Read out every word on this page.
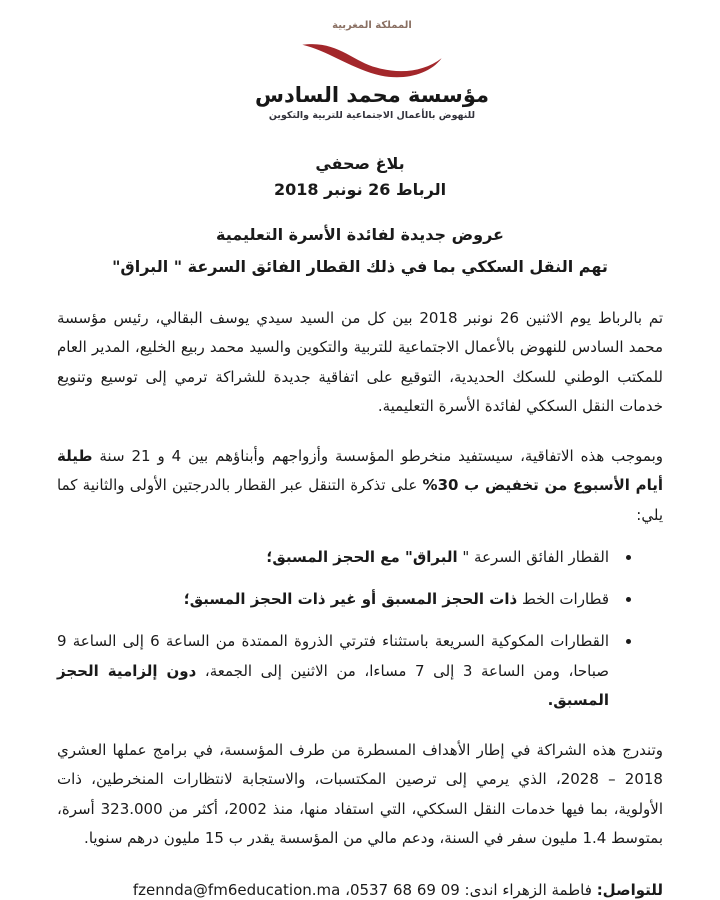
المملكة المغربية
مؤسسة محمد السادس
للنهوض بالأعمال الاجتماعية للتربية والتكوين
بلاغ صحفي
الرباط 26 نونبر 2018
عروض جديدة لفائدة الأسرة التعليمية
تهم النقل السككي بما في ذلك القطار الفائق السرعة " البراق"

تم بالرباط يوم الاثنين 26 نونبر 2018 بين كل من السيد سيدي يوسف البقالي، رئيس مؤسسة محمد السادس للنهوض بالأعمال الاجتماعية للتربية والتكوين والسيد محمد ربيع الخليع، المدير العام للمكتب الوطني للسكك الحديدية، التوقيع على اتفاقية جديدة للشراكة ترمي إلى توسيع وتنويع خدمات النقل السككي لفائدة الأسرة التعليمية.

وبموجب هذه الاتفاقية، سيستفيد منخرطو المؤسسة وأزواجهم وأبناؤهم بين 4 و 21 سنة طيلة أيام الأسبوع من تخفيض ب 30% على تذكرة التنقل عبر القطار بالدرجتين الأولى والثانية كما يلي:

• القطار الفائق السرعة " البراق" مع الحجز المسبق؛
• قطارات الخط ذات الحجز المسبق أو غير ذات الحجز المسبق؛
• القطارات المكوكية السريعة باستثناء فترتي الذروة الممتدة من الساعة 6 إلى الساعة 9 صباحا، ومن الساعة 3 إلى 7 مساءا، من الاثنين إلى الجمعة، دون إلزامية الحجز المسبق.

وتندرج هذه الشراكة في إطار الأهداف المسطرة من طرف المؤسسة، في برامج عملها العشري 2018 – 2028، الذي يرمي إلى ترصين المكتسبات، والاستجابة لانتظارات المنخرطين، ذات الأولوية، بما فيها خدمات النقل السككي، التي استفاد منها، منذ 2002، أكثر من 323.000 أسرة، بمتوسط 1.4 مليون سفر في السنة، ودعم مالي من المؤسسة يقدر ب 15 مليون درهم سنويا.

للتواصل: فاطمة الزهراء اندى: 09 69 68 0537، fzennda@fm6education.ma
